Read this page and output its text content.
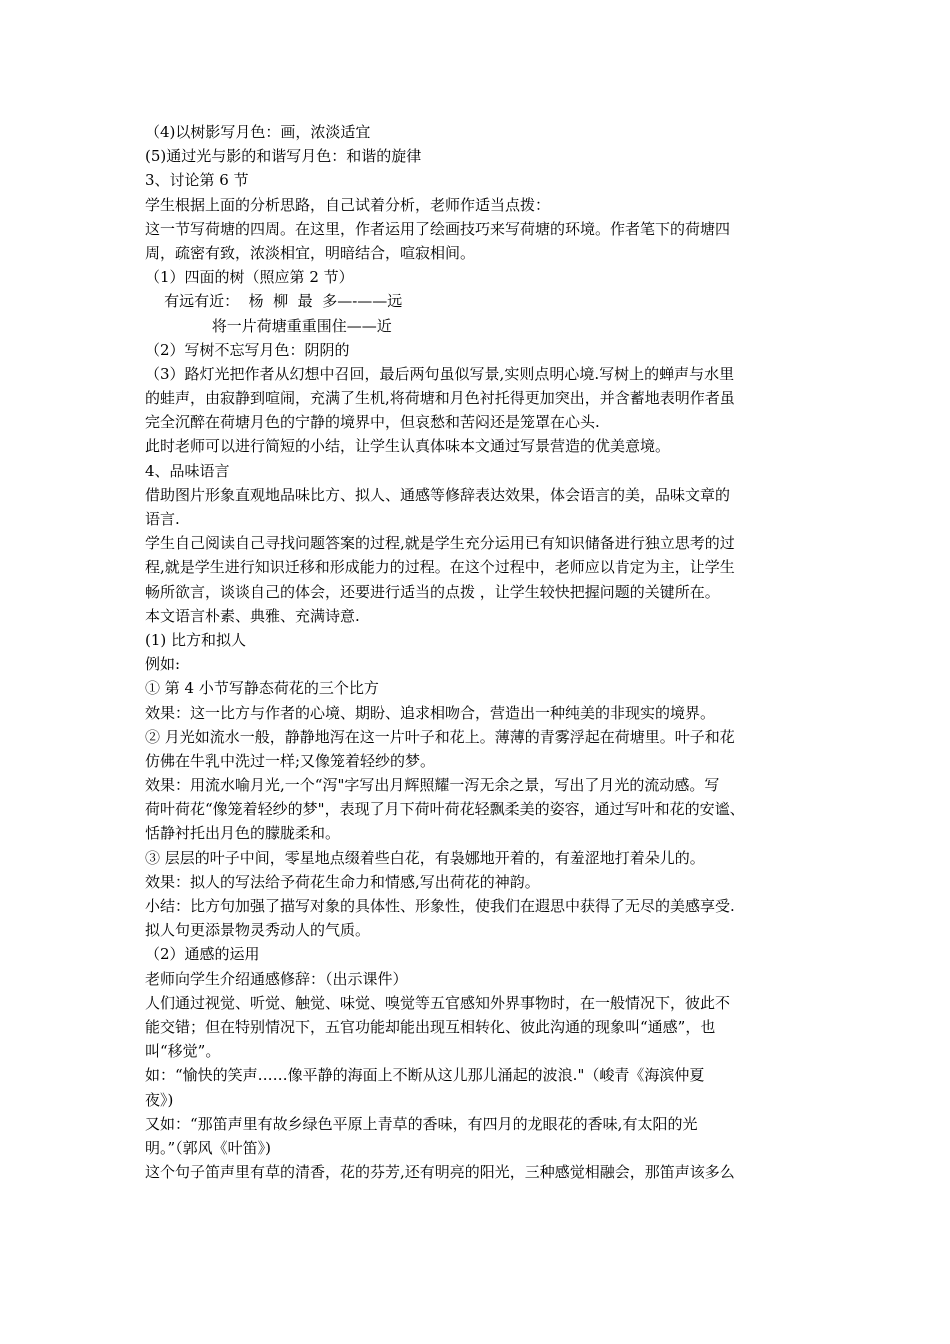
（4)以树影写月色：画，浓淡适宜
(5)通过光与影的和谐写月色：和谐的旋律
3、讨论第 6 节
学生根据上面的分析思路，自己试着分析，老师作适当点拨：
这一节写荷塘的四周。在这里，作者运用了绘画技巧来写荷塘的环境。作者笔下的荷塘四
周，疏密有致，浓淡相宜，明暗结合，喧寂相间。
（1）四面的树（照应第 2 节）
有远有近：  杨  柳  最  多—-——远
将一片荷塘重重围住——近
（2）写树不忘写月色：阴阴的
（3）路灯光把作者从幻想中召回，最后两句虽似写景,实则点明心境.写树上的蝉声与水里
的蛙声，由寂静到喧闹，充满了生机,将荷塘和月色衬托得更加突出，并含蓄地表明作者虽
完全沉醉在荷塘月色的宁静的境界中，但哀愁和苦闷还是笼罩在心头.
此时老师可以进行简短的小结，让学生认真体味本文通过写景营造的优美意境。
4、品味语言
借助图片形象直观地品味比方、拟人、通感等修辞表达效果，体会语言的美，品味文章的
语言.
学生自己阅读自己寻找问题答案的过程,就是学生充分运用已有知识储备进行独立思考的过
程,就是学生进行知识迁移和形成能力的过程。在这个过程中，老师应以肯定为主，让学生
畅所欲言，谈谈自己的体会，还要进行适当的点拨 ，让学生较快把握问题的关键所在。
本文语言朴素、典雅、充满诗意.
(1) 比方和拟人
例如:
① 第 4 小节写静态荷花的三个比方
效果：这一比方与作者的心境、期盼、追求相吻合，营造出一种纯美的非现实的境界。
② 月光如流水一般，静静地泻在这一片叶子和花上。薄薄的青雾浮起在荷塘里。叶子和花
仿佛在牛乳中洗过一样;又像笼着轻纱的梦。
效果：用流水喻月光,一个“泻"字写出月辉照耀一泻无余之景，写出了月光的流动感。写
荷叶荷花“像笼着轻纱的梦"，表现了月下荷叶荷花轻飘柔美的姿容，通过写叶和花的安谧、
恬静衬托出月色的朦胧柔和。
③ 层层的叶子中间，零星地点缀着些白花，有袅娜地开着的，有羞涩地打着朵儿的。
效果：拟人的写法给予荷花生命力和情感,写出荷花的神韵。
小结：比方句加强了描写对象的具体性、形象性，使我们在遐思中获得了无尽的美感享受.
拟人句更添景物灵秀动人的气质。
（2）通感的运用
老师向学生介绍通感修辞：（出示课件）
人们通过视觉、听觉、触觉、味觉、嗅觉等五官感知外界事物时，在一般情况下，彼此不
能交错；但在特别情况下，五官功能却能出现互相转化、彼此沟通的现象叫“通感”，也
叫“移觉”。
如：“愉快的笑声……像平静的海面上不断从这儿那儿涌起的波浪."（峻青《海滨仲夏
夜》)
又如：“那笛声里有故乡绿色平原上青草的香味，有四月的龙眼花的香味,有太阳的光
明。”（郭风《叶笛》)
这个句子笛声里有草的清香，花的芬芳,还有明亮的阳光，三种感觉相融会，那笛声该多么
